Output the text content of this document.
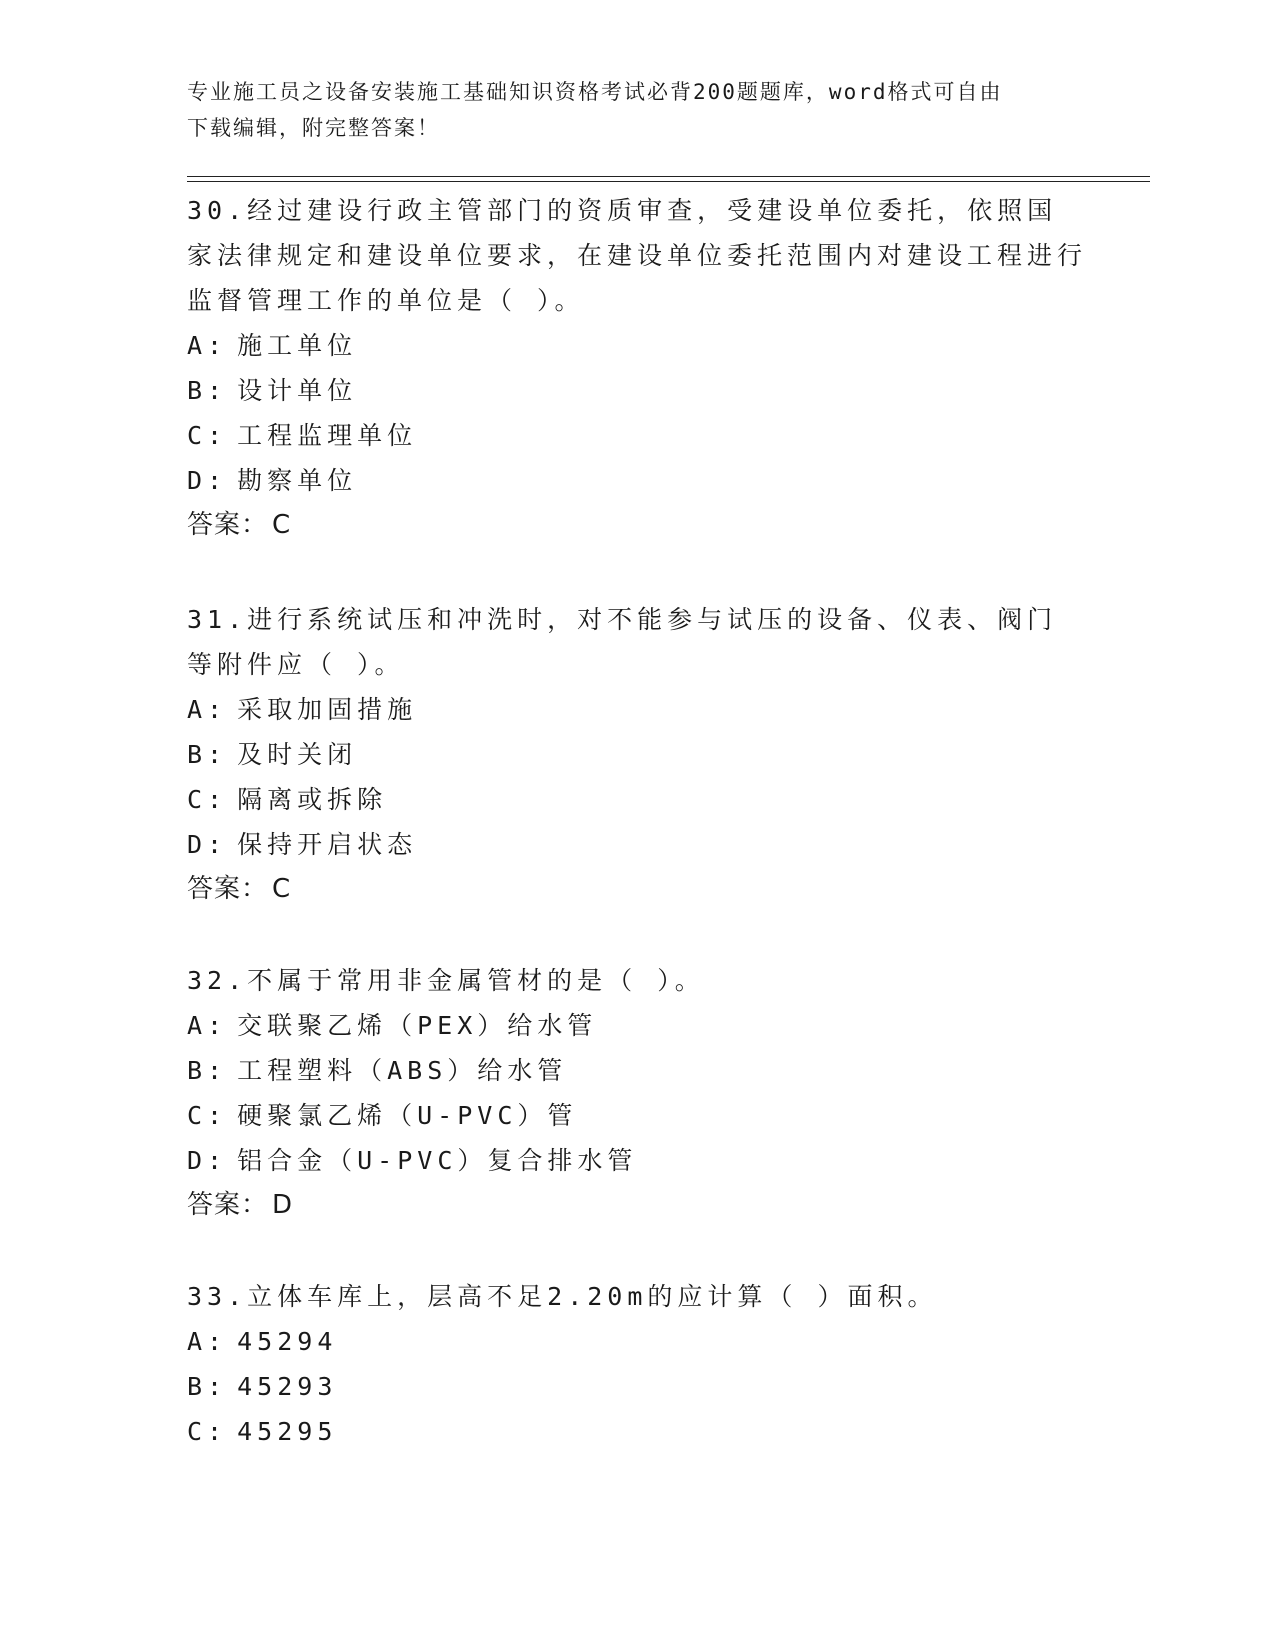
专业施工员之设备安装施工基础知识资格考试必背200题题库，word格式可自由
下载编辑，附完整答案！

30.经过建设行政主管部门的资质审查，受建设单位委托，依照国家法律规定和建设单位要求，在建设单位委托范围内对建设工程进行监督管理工作的单位是（ ）。

A: 施工单位

B: 设计单位

C: 工程监理单位

D: 勘察单位

答案： C

31.进行系统试压和冲洗时，对不能参与试压的设备、仪表、阀门等附件应（ ）。

A: 采取加固措施

B: 及时关闭

C: 隔离或拆除

D: 保持开启状态

答案： C

32.不属于常用非金属管材的是（ ）。

A: 交联聚乙烯（PEX）给水管

B: 工程塑料（ABS）给水管

C: 硬聚氯乙烯（U-PVC）管

D: 铝合金（U-PVC）复合排水管

答案： D

33.立体车库上，层高不足2.20m的应计算（ ）面积。

A: 45294

B: 45293

C: 45295
